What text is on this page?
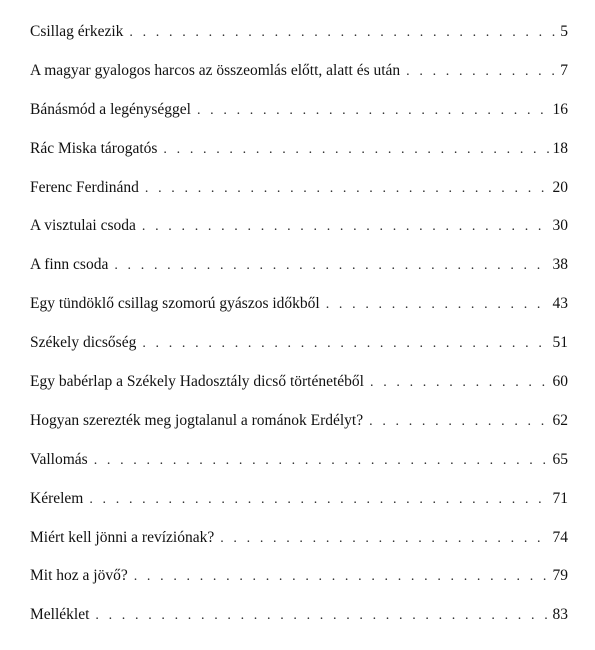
Csillag érkezik . . .	5
A magyar gyalogos harcos az összeomlás előtt, alatt és után . . .	7
Bánásmód a legénységgel . . .	16
Rác Miska tárogatós . . .	18
Ferenc Ferdinánd . . .	20
A visztulai csoda . . .	30
A finn csoda . . .	38
Egy tündöklő csillag szomorú gyászos időkből . . .	43
Székely dicsőség . . .	51
Egy babérlap a Székely Hadosztály dicső történetéből . . .	60
Hogyan szerezték meg jogtalanul a románok Erdélyt? . . .	62
Vallomás . . .	65
Kérelem . . .	71
Miért kell jönni a revíziónak? . . .	74
Mit hoz a jövő? . . .	79
Melléklet . . .	83
